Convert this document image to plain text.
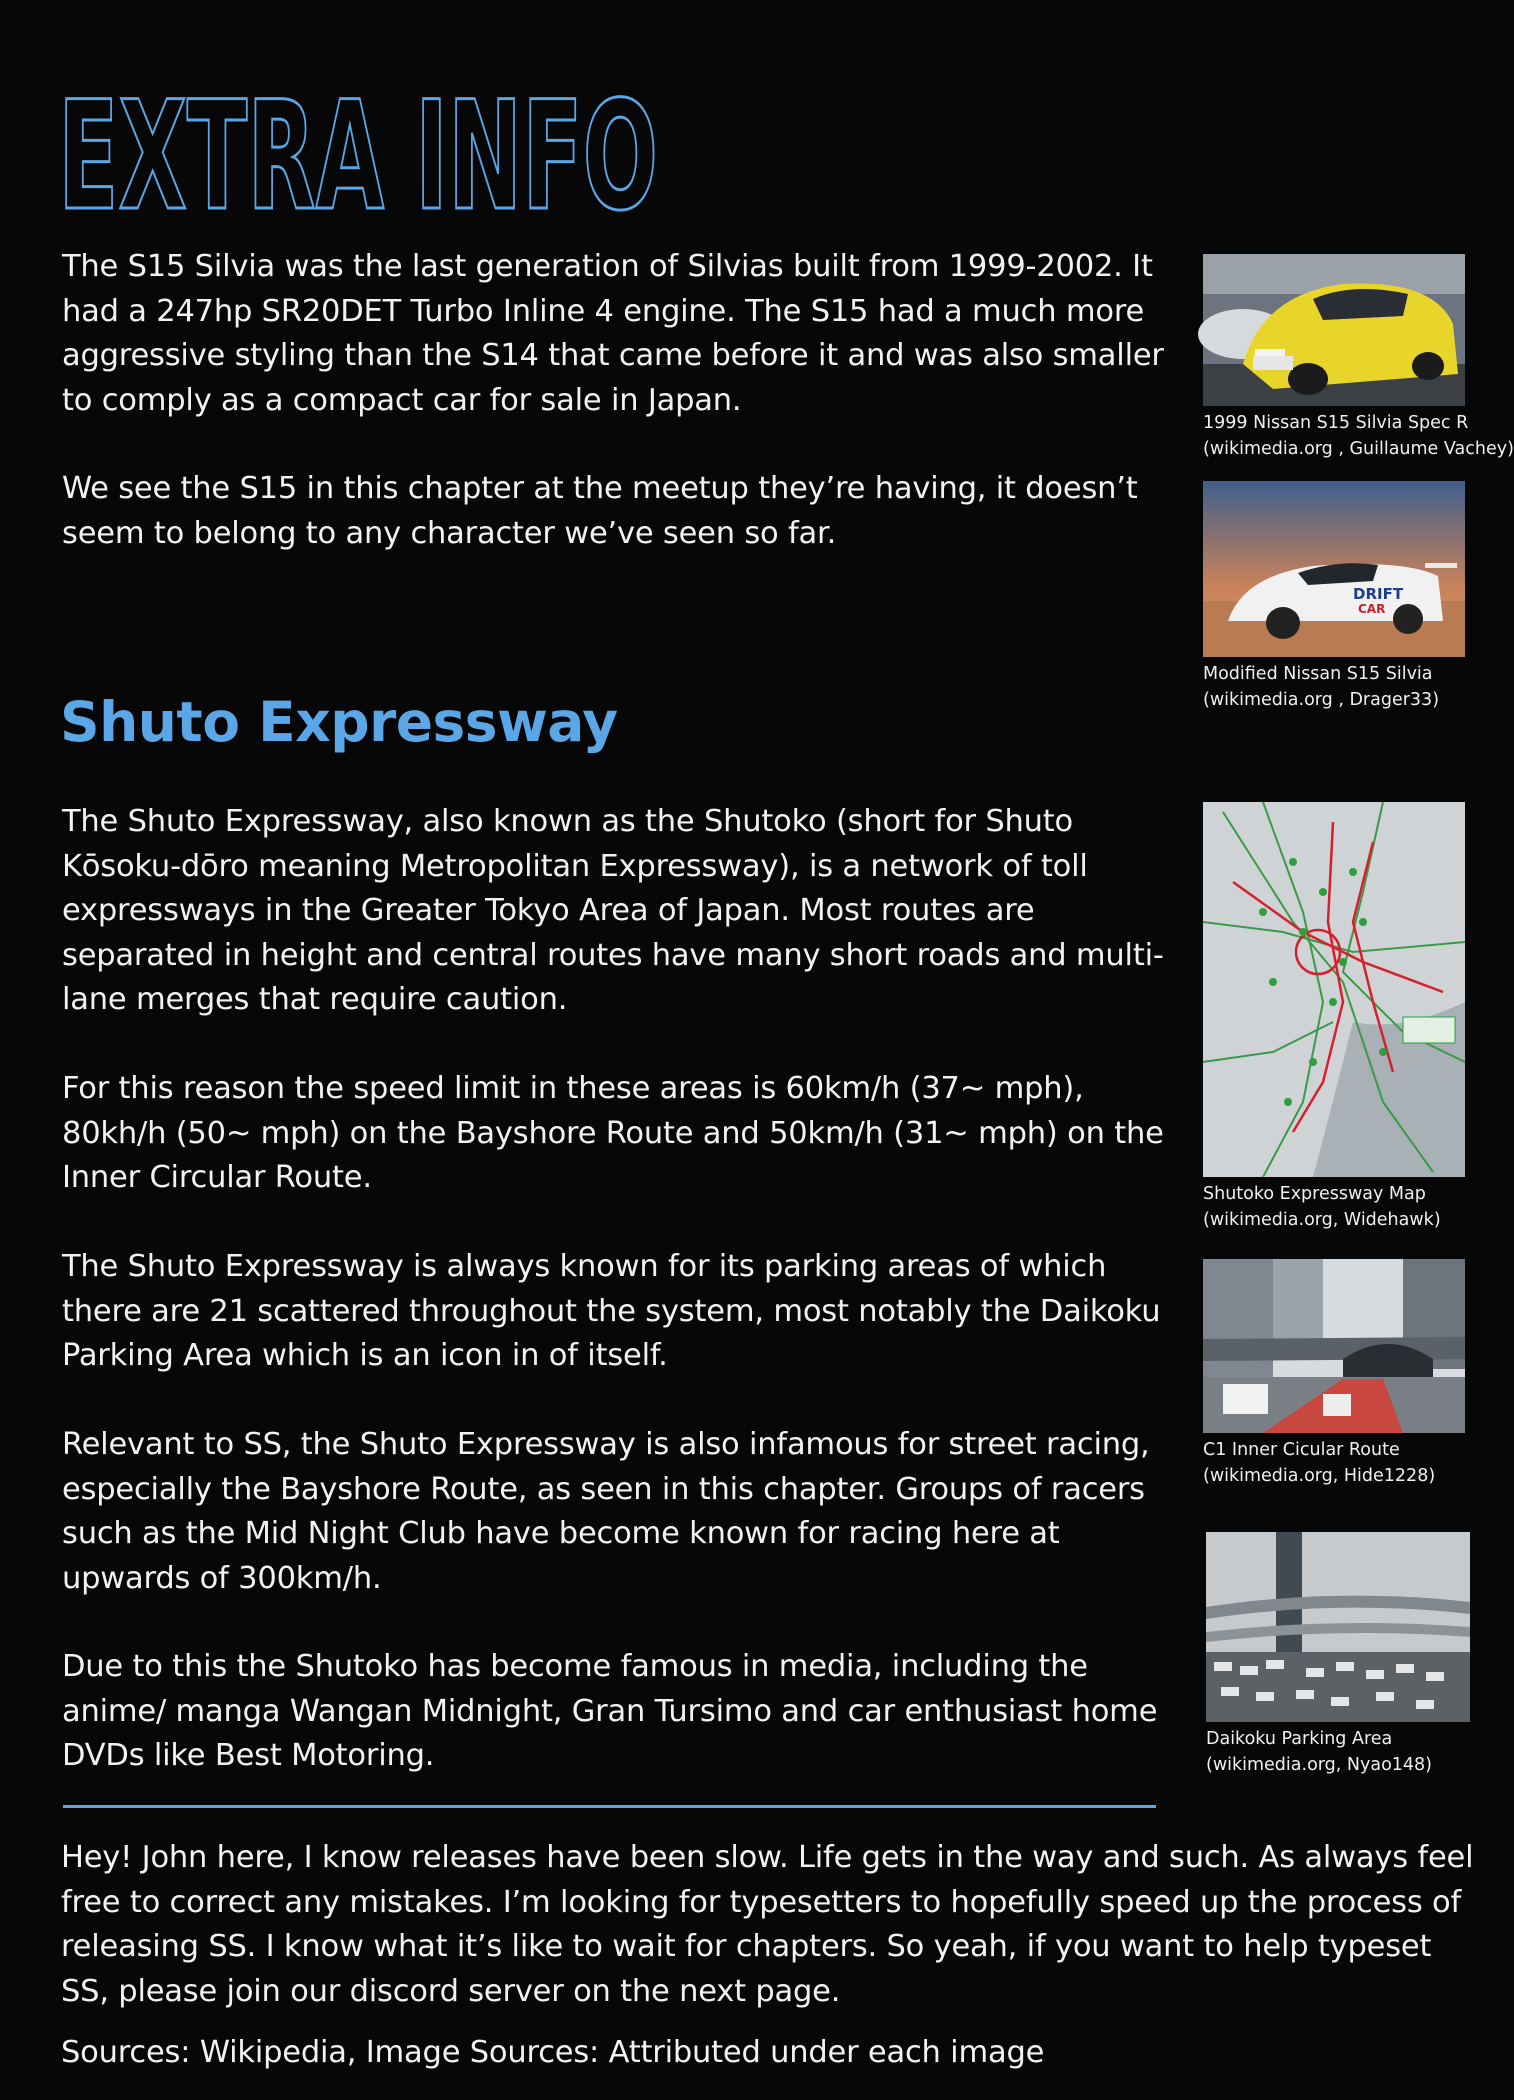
EXTRA INFO

The S15 Silvia was the last generation of Silvias built from 1999-2002. It had a 247hp SR20DET Turbo Inline 4 engine. The S15 had a much more aggressive styling than the S14 that came before it and was also smaller to comply as a compact car for sale in Japan.

We see the S15 in this chapter at the meetup they’re having, it doesn’t seem to belong to any character we’ve seen so far.

Shuto Expressway

The Shuto Expressway, also known as the Shutoko (short for Shuto Kōsoku-dōro meaning Metropolitan Expressway), is a network of toll expressways in the Greater Tokyo Area of Japan. Most routes are separated in height and central routes have many short roads and multi-lane merges that require caution.

For this reason the speed limit in these areas is 60km/h (37~ mph), 80kh/h (50~ mph) on the Bayshore Route and 50km/h (31~ mph) on the Inner Circular Route.

The Shuto Expressway is always known for its parking areas of which there are 21 scattered throughout the system, most notably the Daikoku Parking Area which is an icon in of itself.

Relevant to SS, the Shuto Expressway is also infamous for street racing, especially the Bayshore Route, as seen in this chapter. Groups of racers such as the Mid Night Club have become known for racing here at upwards of 300km/h.

Due to this the Shutoko has become famous in media, including the anime/ manga Wangan Midnight, Gran Tursimo and car enthusiast home DVDs like Best Motoring.

1999 Nissan S15 Silvia Spec R
(wikimedia.org , Guillaume Vachey)
DRIFT
CAR
Modified Nissan S15 Silvia
(wikimedia.org , Drager33)
Shutoko Expressway Map
(wikimedia.org, Widehawk)
C1 Inner Cicular Route
(wikimedia.org, Hide1228)
Daikoku Parking Area
(wikimedia.org, Nyao148)

Hey! John here, I know releases have been slow. Life gets in the way and such. As always feel free to correct any mistakes. I’m looking for typesetters to hopefully speed up the process of releasing SS. I know what it’s like to wait for chapters. So yeah, if you want to help typeset SS, please join our discord server on the next page.

Sources: Wikipedia, Image Sources: Attributed under each image
